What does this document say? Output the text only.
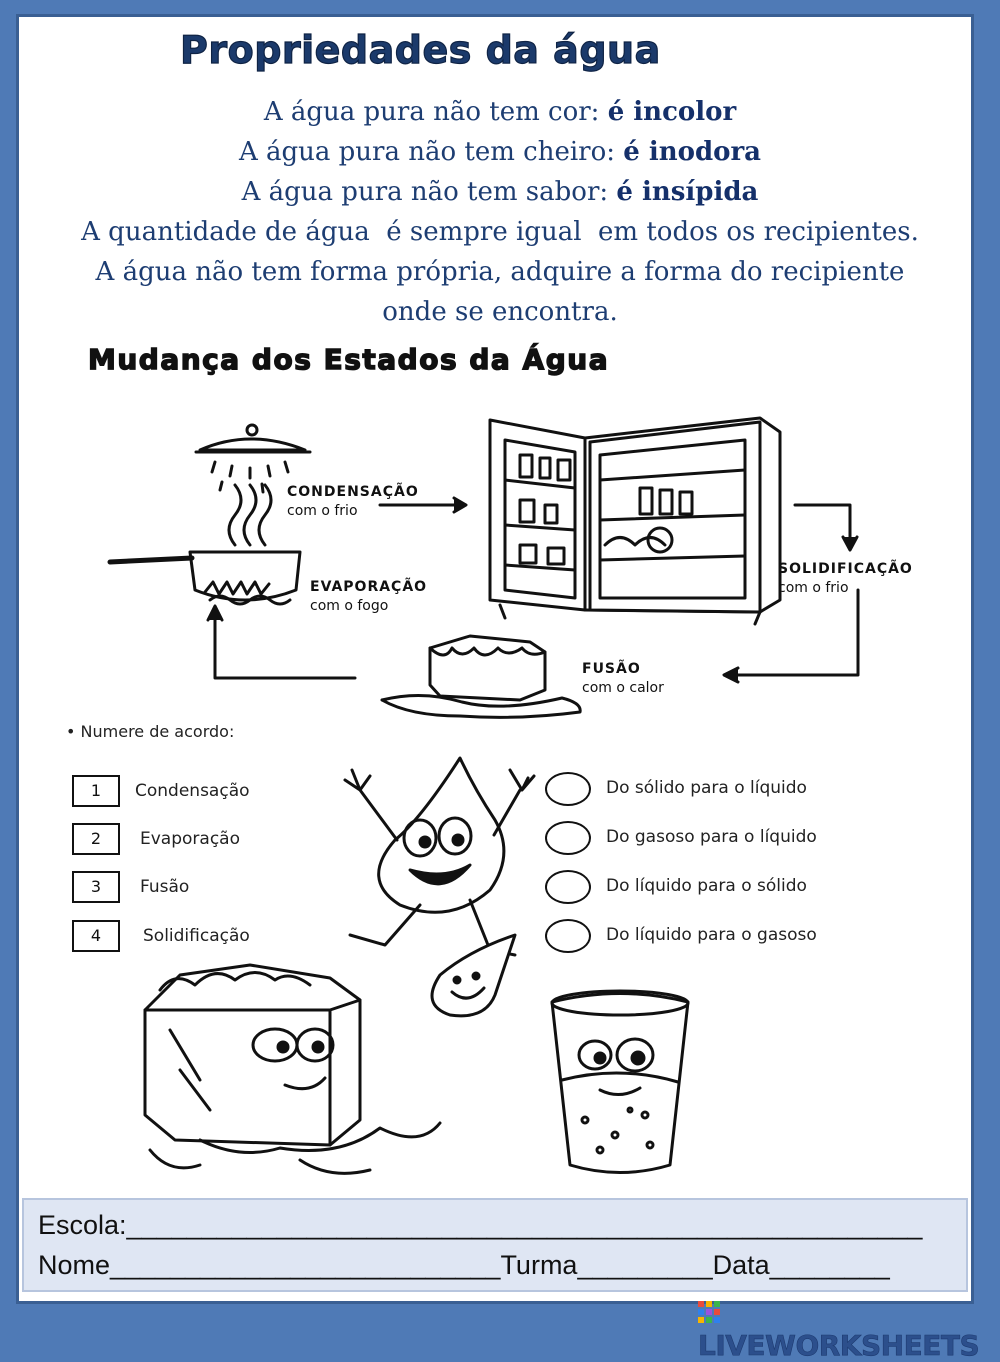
Propriedades da água
A água pura não tem cor: é incolor
A água pura não tem cheiro: é inodora
A água pura não tem sabor: é insípida
A quantidade de água  é sempre igual  em todos os recipientes.
A água não tem forma própria, adquire a forma do recipiente
onde se encontra.
Mudança dos Estados da Água
CONDENSAÇÃO
com o frio
EVAPORAÇÃO
com o fogo
SOLIDIFICAÇÃO
com o frio
FUSÃO
com o calor
• Numere de acordo:
1	Condensação
2	Evaporação
3	Fusão
4	Solidificação
Do sólido para o líquido
Do gasoso para o líquido
Do líquido para o sólido
Do líquido para o gasoso
Escola:_____________________________________________________
Nome__________________________Turma_________Data________
LIVEWORKSHEETS
